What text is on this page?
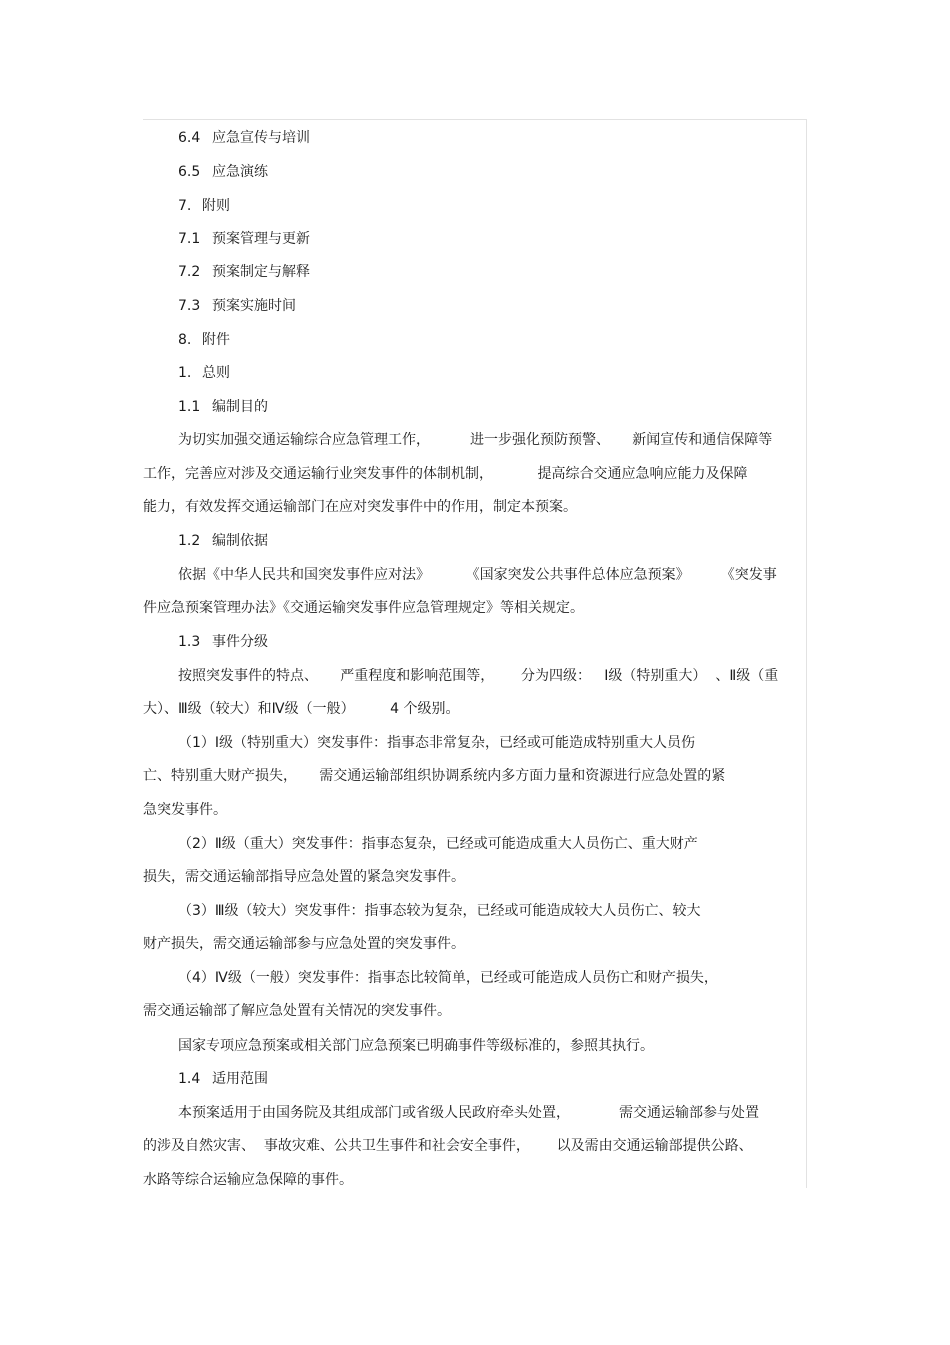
6.4 应急宣传与培训
6.5 应急演练
7. 附则
7.1 预案管理与更新
7.2 预案制定与解释
7.3 预案实施时间
8. 附件
1. 总则
1.1 编制目的
为切实加强交通运输综合应急管理工作，         进一步强化预防预警、     新闻宣传和通信保障等
工作，完善应对涉及交通运输行业突发事件的体制机制，          提高综合交通应急响应能力及保障
能力，有效发挥交通运输部门在应对突发事件中的作用，制定本预案。
1.2 编制依据
依据《中华人民共和国突发事件应对法》        《国家突发公共事件总体应急预案》       《突发事
件应急预案管理办法》《交通运输突发事件应急管理规定》等相关规定。
1.3 事件分级
按照突发事件的特点、     严重程度和影响范围等，      分为四级：   Ⅰ级（特别重大）  、Ⅱ级（重
大）、Ⅲ级（较大）和Ⅳ级（一般）        4 个级别。
（1）Ⅰ级（特别重大）突发事件：指事态非常复杂，已经或可能造成特别重大人员伤
亡、特别重大财产损失，     需交通运输部组织协调系统内多方面力量和资源进行应急处置的紧
急突发事件。
（2）Ⅱ级（重大）突发事件：指事态复杂，已经或可能造成重大人员伤亡、重大财产
损失，需交通运输部指导应急处置的紧急突发事件。
（3）Ⅲ级（较大）突发事件：指事态较为复杂，已经或可能造成较大人员伤亡、较大
财产损失，需交通运输部参与应急处置的突发事件。
（4）Ⅳ级（一般）突发事件：指事态比较简单，已经或可能造成人员伤亡和财产损失，
需交通运输部了解应急处置有关情况的突发事件。
国家专项应急预案或相关部门应急预案已明确事件等级标准的，参照其执行。
1.4 适用范围
本预案适用于由国务院及其组成部门或省级人民政府牵头处置，           需交通运输部参与处置
的涉及自然灾害、  事故灾难、公共卫生事件和社会安全事件，      以及需由交通运输部提供公路、
水路等综合运输应急保障的事件。
